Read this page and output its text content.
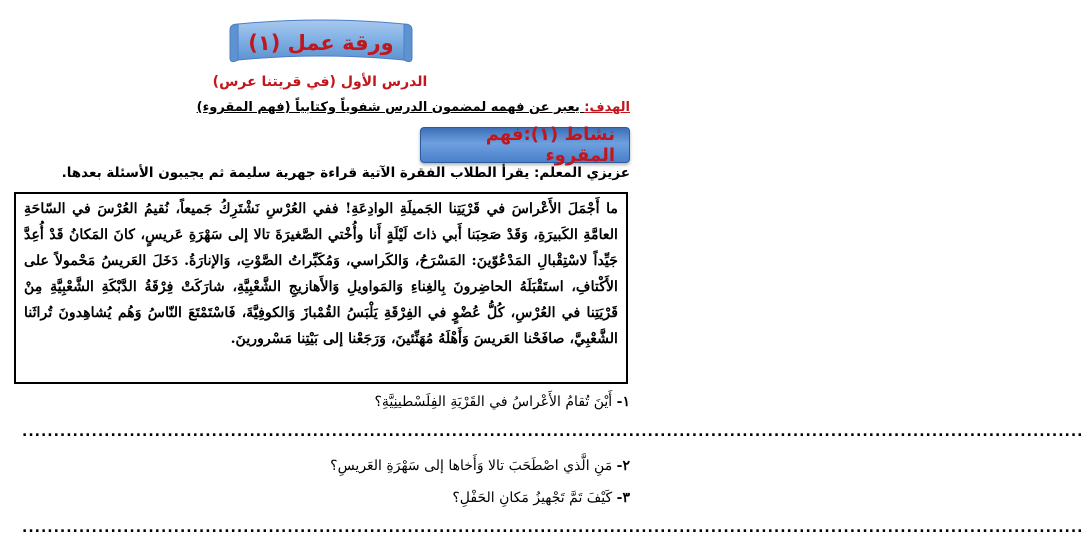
ورقة عمل (١)
الدرس الأول (في قريتنا عرس)
الهدف: يعبر عن فهمه لمضمون الدرس شفوياً وكتابياً (فهم المقروء)
نشاط (١):فهم المقروء
عزيزي المعلم: يقرأ الطلاب الفقرة الآتية قراءة جهرية سليمة ثم يجيبون الأسئلة بعدها.
ما أَجْمَلَ الأَعْراسَ في قَرْيَتِنا الجَميلَةِ الوادِعَةِ! ففي العُرْسِ نَشْتَرِكُ جَميعاً، نُقيمُ العُرْسَ في السّاحَةِ العامَّةِ الكَبيرَةِ، وَقَدْ صَحِبَنا أَبي ذاتَ لَيْلَةٍ أَنا وأُخْتي الصَّغيرَةَ تالا إلى سَهْرَةِ عَريسٍ، كانَ المَكانُ قَدْ أُعِدَّ جَيِّداً لاسْتِقْبالِ المَدْعُوّينَ: المَسْرَحُ، وَالكَراسي، وَمُكَبِّراتُ الصَّوْتِ، وَالإنارَةُ. دَخَلَ العَريسُ مَحْمولاً على الأَكْتافِ، استَقْبَلَهُ الحاضِرونَ بِالغِناءِ وَالمَواويلِ وَالأَهازيجِ الشَّعْبِيَّةِ، شارَكَتْ فِرْقَةُ الدَّبْكَةِ الشَّعْبِيَّةِ مِنْ قَرْيَتِنا في العُرْسِ، كُلُّ عُضْوٍ في الفِرْقَةِ يَلْبَسُ القُمْبازَ وَالكوفِيَّةَ، فَاسْتَمْتَعَ النّاسُ وَهُم يُشاهِدونَ تُراثَنا الشَّعْبِيَّ، صافَحْنا العَريسَ وَأَهْلَهُ مُهَنِّئينَ، وَرَجَعْنا إلى بَيْتِنا مَسْرورينَ.
١- أَيْنَ تُقامُ الأَعْراسُ في القَرْيَةِ الفِلَسْطينِيَّةِ؟
........................................................................................................................................................................
٢- مَنِ الَّذي اصْطَحَبَ تالا وَأَخاها إلى سَهْرَةِ العَريسِ؟
٣- كَيْفَ تَمَّ تَجْهيزُ مَكانِ الحَفْلِ؟
........................................................................................................................................................................
